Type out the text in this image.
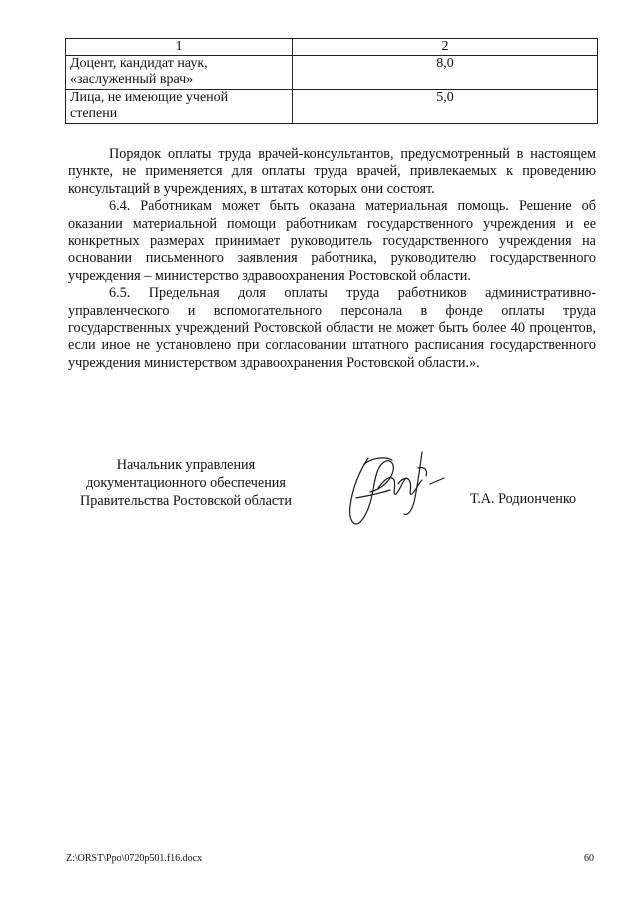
1	2
Доцент, кандидат наук,
«заслуженный врач»	8,0
Лица, не имеющие ученой
степени	5,0

Порядок оплаты труда врачей-консультантов, предусмотренный в настоящем пункте, не применяется для оплаты труда врачей, привлекаемых к проведению консультаций в учреждениях, в штатах которых они состоят.

6.4. Работникам может быть оказана материальная помощь. Решение об оказании материальной помощи работникам государственного учреждения и ее конкретных размерах принимает руководитель государственного учреждения на основании письменного заявления работника, руководителю государственного учреждения – министерство здравоохранения Ростовской области.

6.5. Предельная доля оплаты труда работников административно-управленческого и вспомогательного персонала в фонде оплаты труда государственных учреждений Ростовской области не может быть более 40 процентов, если иное не установлено при согласовании штатного расписания государственного учреждения министерством здравоохранения Ростовской области.».

Начальник управления
документационного обеспечения
Правительства Ростовской области	Т.А. Родионченко
Z:\ORST\Ppo\0720p501.f16.docx	60
